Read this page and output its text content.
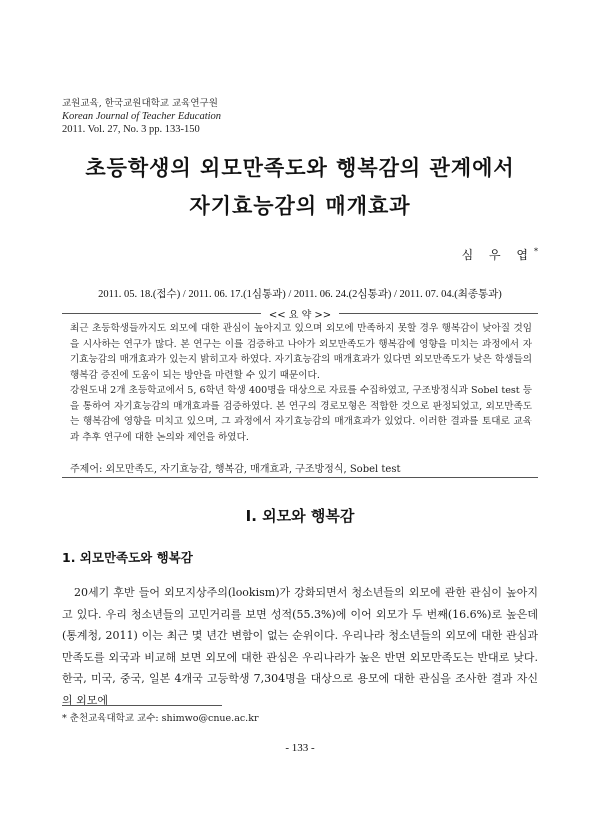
교원교육, 한국교원대학교 교육연구원
Korean Journal of Teacher Education
2011. Vol. 27, No. 3 pp. 133-150
초등학생의 외모만족도와 행복감의 관계에서
자기효능감의 매개효과
심 우 엽*
2011. 05. 18.(접수) / 2011. 06. 17.(1심통과) / 2011. 06. 24.(2심통과) / 2011. 07. 04.(최종통과)
<< 요 약 >>
최근 초등학생들까지도 외모에 대한 관심이 높아지고 있으며 외모에 만족하지 못할 경우 행복감이 낮아질 것임을 시사하는 연구가 많다. 본 연구는 이를 검증하고 나아가 외모만족도가 행복감에 영향을 미치는 과정에서 자기효능감의 매개효과가 있는지 밝히고자 하였다. 자기효능감의 매개효과가 있다면 외모만족도가 낮은 학생들의 행복감 증진에 도움이 되는 방안을 마련할 수 있기 때문이다.
강원도내 2개 초등학교에서 5, 6학년 학생 400명을 대상으로 자료를 수집하였고, 구조방정식과 Sobel test 등을 통하여 자기효능감의 매개효과를 검증하였다. 본 연구의 경로모형은 적합한 것으로 판정되었고, 외모만족도는 행복감에 영향을 미치고 있으며, 그 과정에서 자기효능감의 매개효과가 있었다. 이러한 결과를 토대로 교육과 추후 연구에 대한 논의와 제언을 하였다.
주제어: 외모만족도, 자기효능감, 행복감, 매개효과, 구조방정식, Sobel test
Ⅰ. 외모와 행복감
1. 외모만족도와 행복감
20세기 후반 들어 외모지상주의(lookism)가 강화되면서 청소년들의 외모에 관한 관심이 높아지고 있다. 우리 청소년들의 고민거리를 보면 성적(55.3%)에 이어 외모가 두 번째(16.6%)로 높은데(통계청, 2011) 이는 최근 몇 년간 변함이 없는 순위이다. 우리나라 청소년들의 외모에 대한 관심과 만족도를 외국과 비교해 보면 외모에 대한 관심은 우리나라가 높은 반면 외모만족도는 반대로 낮다. 한국, 미국, 중국, 일본 4개국 고등학생 7,304명을 대상으로 용모에 대한 관심을 조사한 결과 자신의 외모에
* 춘천교육대학교 교수: shimwo@cnue.ac.kr
- 133 -
